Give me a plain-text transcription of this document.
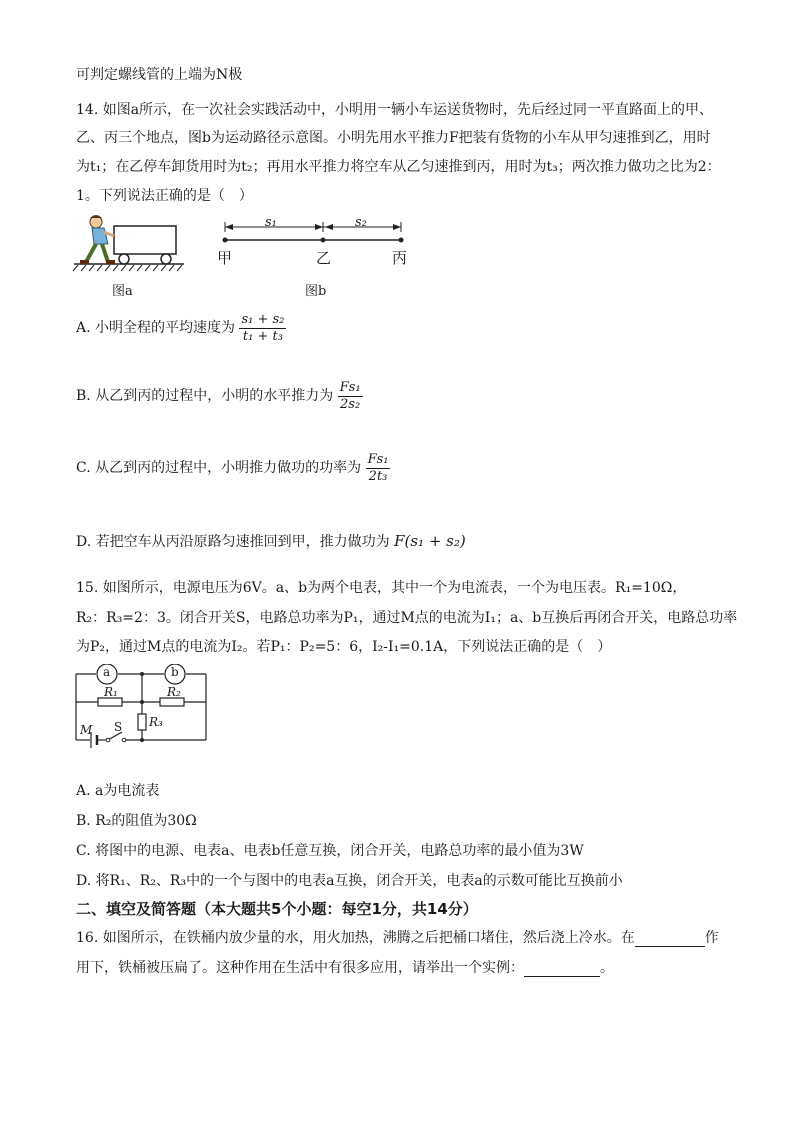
可判定螺线管的上端为N极
14. 如图a所示，在一次社会实践活动中，小明用一辆小车运送货物时，先后经过同一平直路面上的甲、
乙、丙三个地点，图b为运动路径示意图。小明先用水平推力F把装有货物的小车从甲匀速推到乙，用时
为t₁；在乙停车卸货用时为t₂；再用水平推力将空车从乙匀速推到丙，用时为t₃；两次推力做功之比为2：
1。下列说法正确的是（　）
图a
s₁	s₂
甲	乙	丙
图b
A. 小明全程的平均速度为 $\frac{\text{s₁ + s₂}}{\text{t₁ + t₃}}$
B. 从乙到丙的过程中，小明的水平推力为 $\frac{\text{Fs₁}}{\text{2s₂}}$
C. 从乙到丙的过程中，小明推力做功的功率为 $\frac{\text{Fs₁}}{\text{2t₃}}$
D. 若把空车从丙沿原路匀速推回到甲，推力做功为 F(s₁ + s₂)
15. 如图所示，电源电压为6V。a、b为两个电表，其中一个为电流表，一个为电压表。R₁=10Ω，
R₂：R₃=2：3。闭合开关S，电路总功率为P₁，通过M点的电流为I₁；a、b互换后再闭合开关，电路总功率
为P₂，通过M点的电流为I₂。若P₁：P₂=5：6，I₂-I₁=0.1A，下列说法正确的是（　）
a	b
R₁	R₂
R₃
M S
A. a为电流表
B. R₂的阻值为30Ω
C. 将图中的电源、电表a、电表b任意互换，闭合开关，电路总功率的最小值为3W
D. 将R₁、R₂、R₃中的一个与图中的电表a互换，闭合开关，电表a的示数可能比互换前小
二、填空及简答题（本大题共5个小题：每空1分，共14分）
16. 如图所示，在铁桶内放少量的水，用火加热，沸腾之后把桶口堵住，然后浇上冷水。在	作
用下，铁桶被压扁了。这种作用在生活中有很多应用，请举出一个实例：	。
